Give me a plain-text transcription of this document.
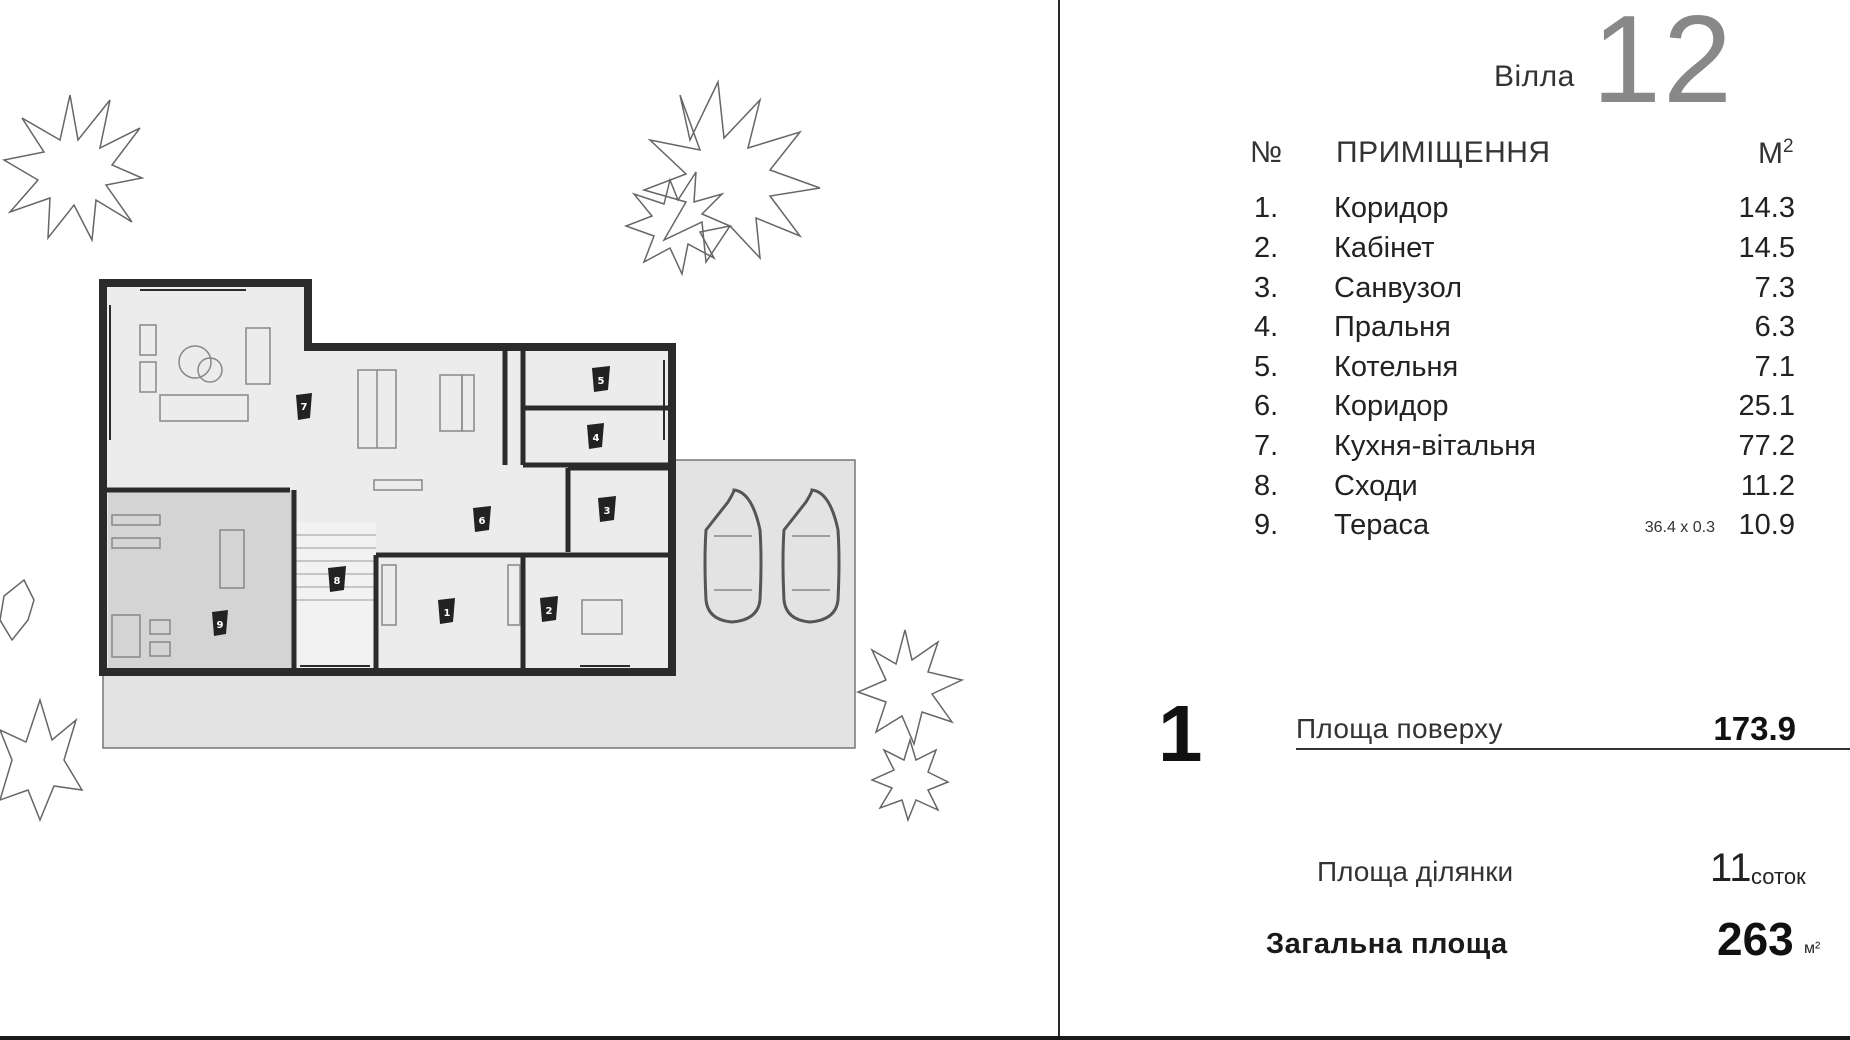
1	2
3
4
5
6
7
8
9
Вілла 12
№ ПРИМІЩЕННЯ	$М^2$
1. Коридор	14.3
2. Кабінет	14.5
3. Санвузол	7.3
4. Пральня	6.3
5. Котельня	7.1
6. Коридор	25.1
7. Кухня-вітальня	77.2
8. Сходи	11.2
9. Тераса	36.4 x 0.3 10.9
1	Площа поверху	173.9
Площа ділянки	11 соток
Загальна площа	263 м²
